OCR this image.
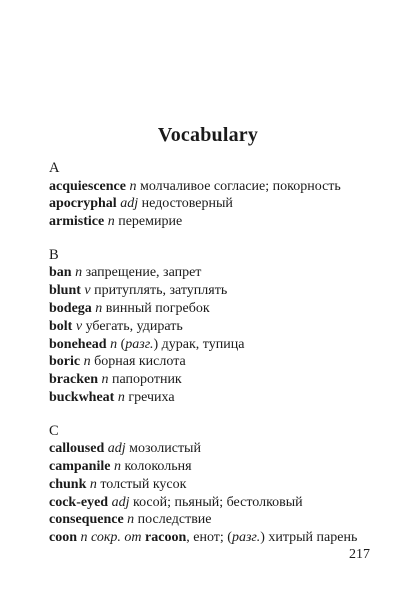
Vocabulary
A
acquiescence n молчаливое согласие; покорность
apocryphal adj недостоверный
armistice n перемирие
B
ban n запрещение, запрет
blunt v притуплять, затуплять
bodega n винный погребок
bolt v убегать, удирать
bonehead n (разг.) дурак, тупица
boric n борная кислота
bracken n папоротник
buckwheat n гречиха
C
calloused adj мозолистый
campanile n колокольня
chunk n толстый кусок
cock-eyed adj косой; пьяный; бестолковый
consequence n последствие
coon n сокр. от racoon, енот; (разг.) хитрый парень
217
